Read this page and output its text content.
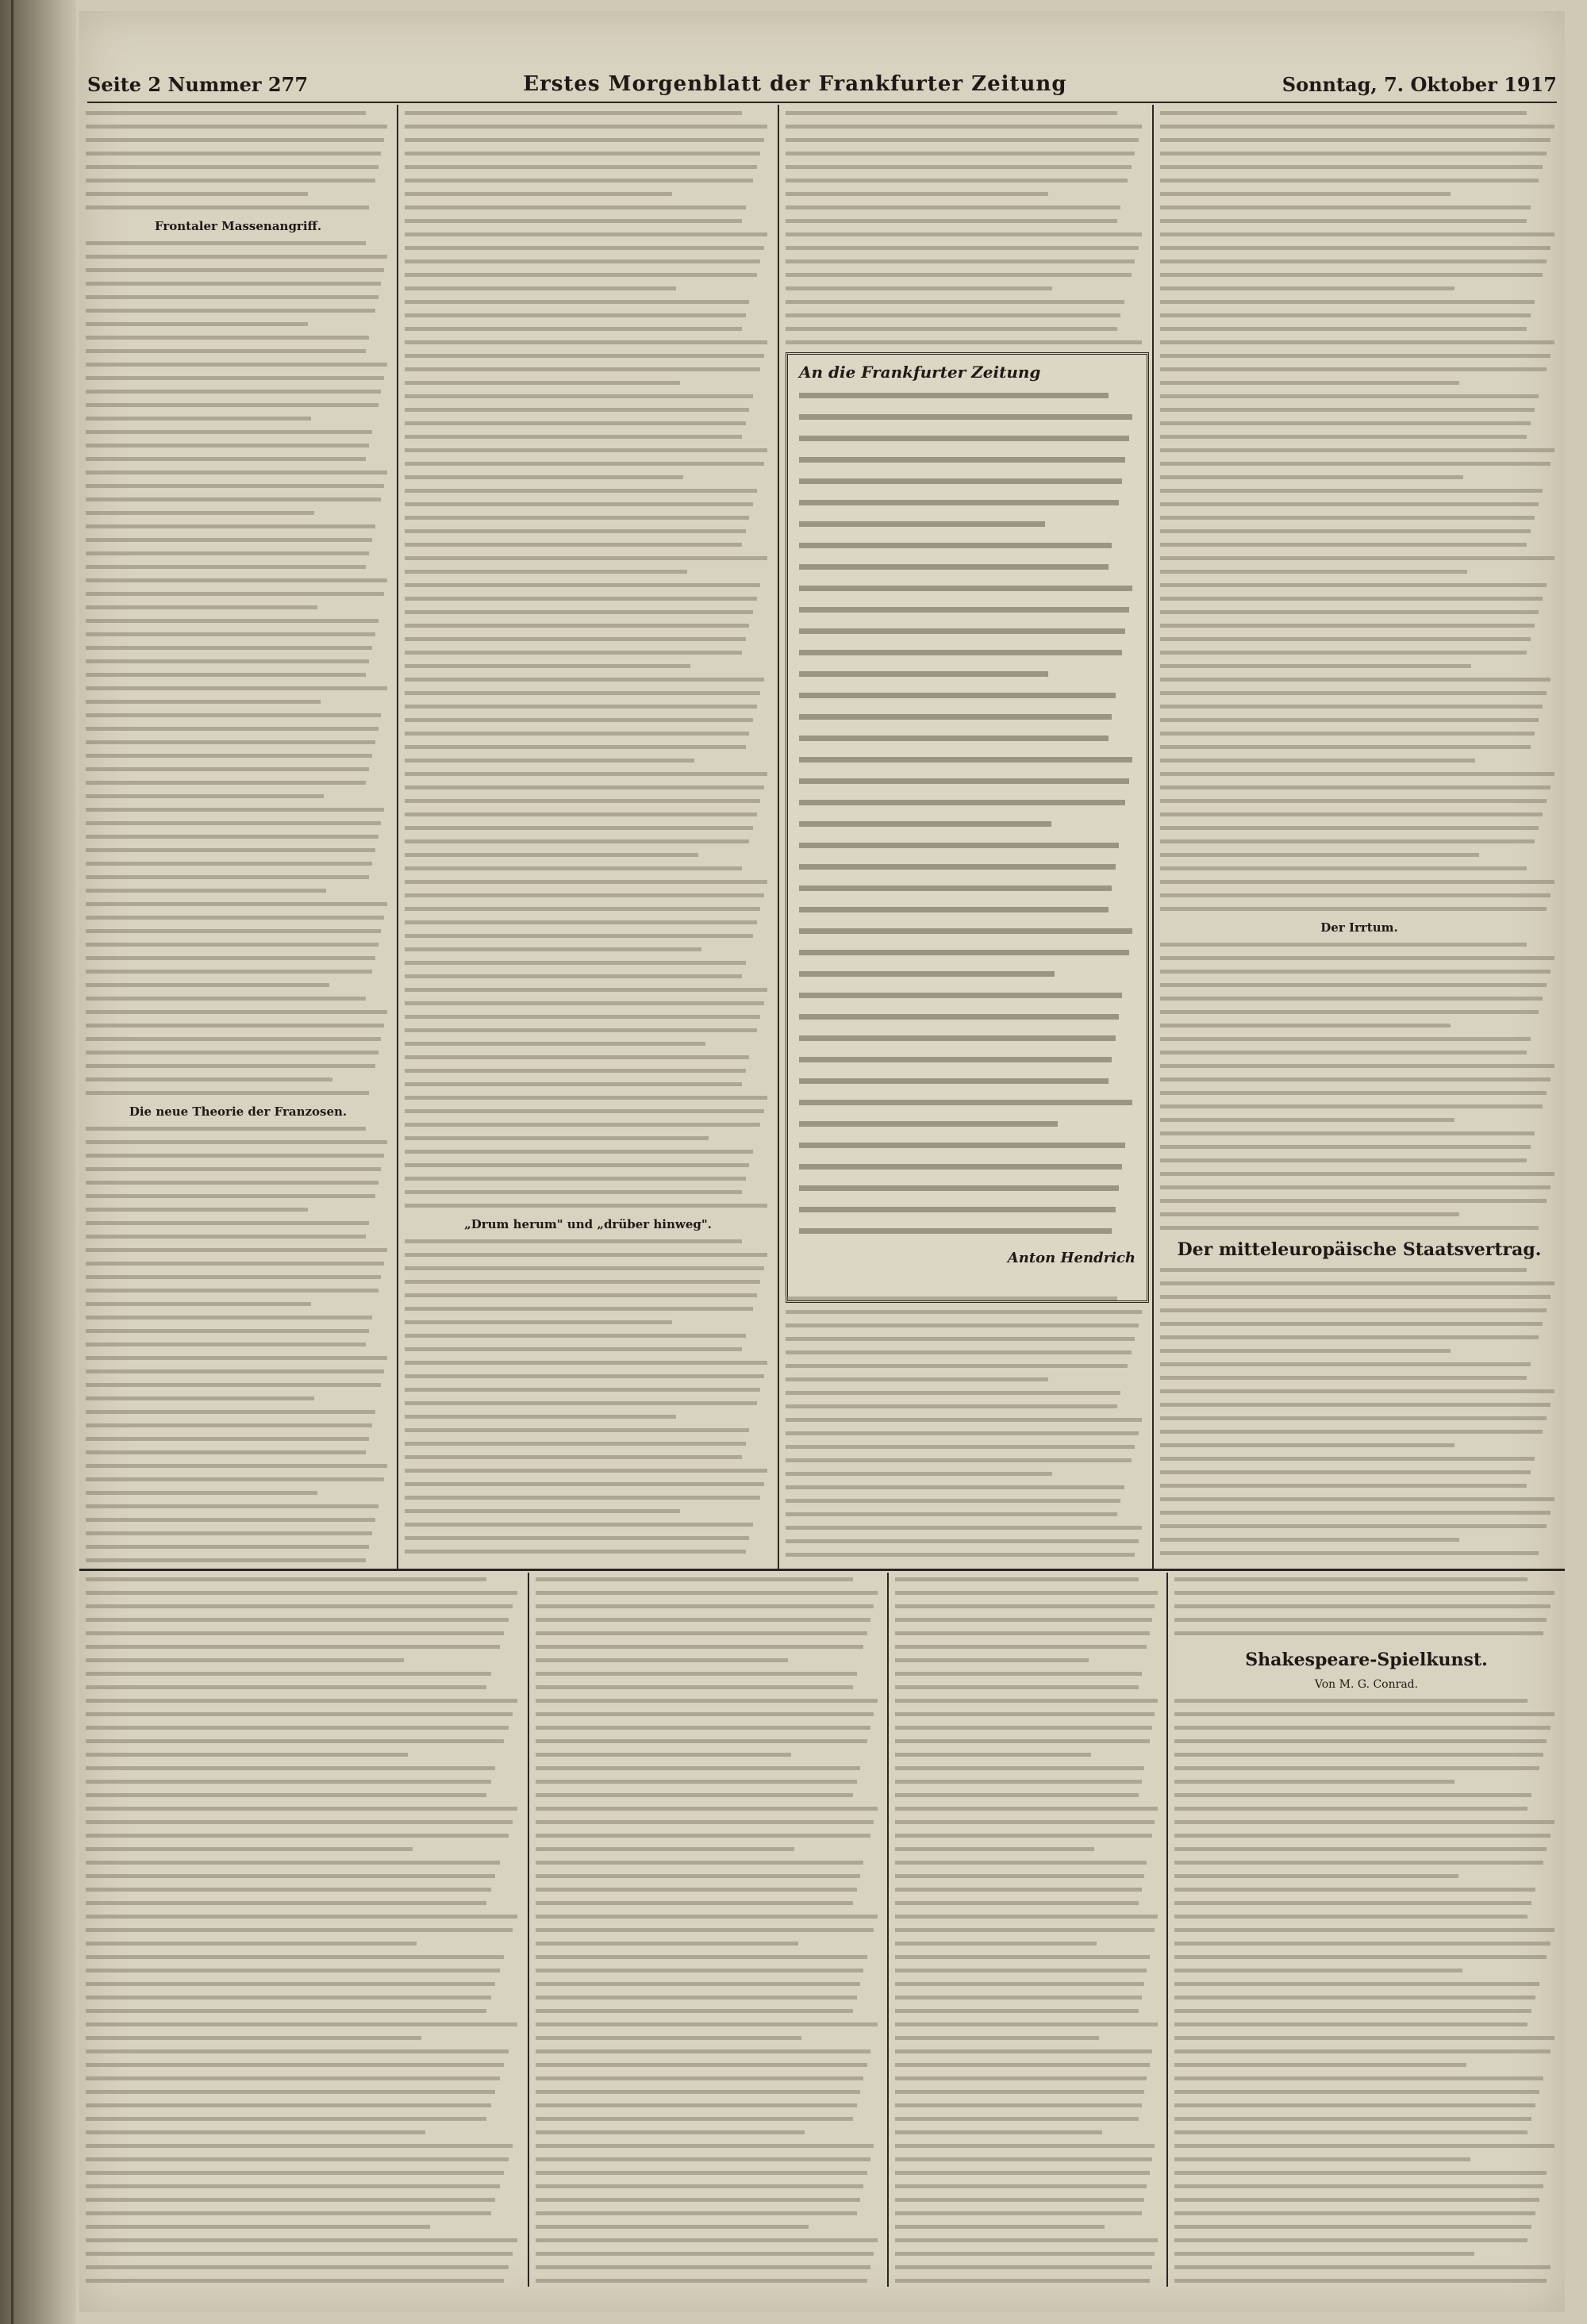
Seite 2 Nummer 277	Erstes Morgenblatt der Frankfurter Zeitung	Sonntag, 7. Oktober 1917
Frontaler Massenangriff.
Die neue Theorie der Franzosen.
„Drum herum" und „drüber hinweg".
An die Frankfurter Zeitung
Anton Hendrich
Der Irrtum.
Der mitteleuropäische Staatsvertrag.
Shakespeare-Spielkunst.
Von M. G. Conrad.
